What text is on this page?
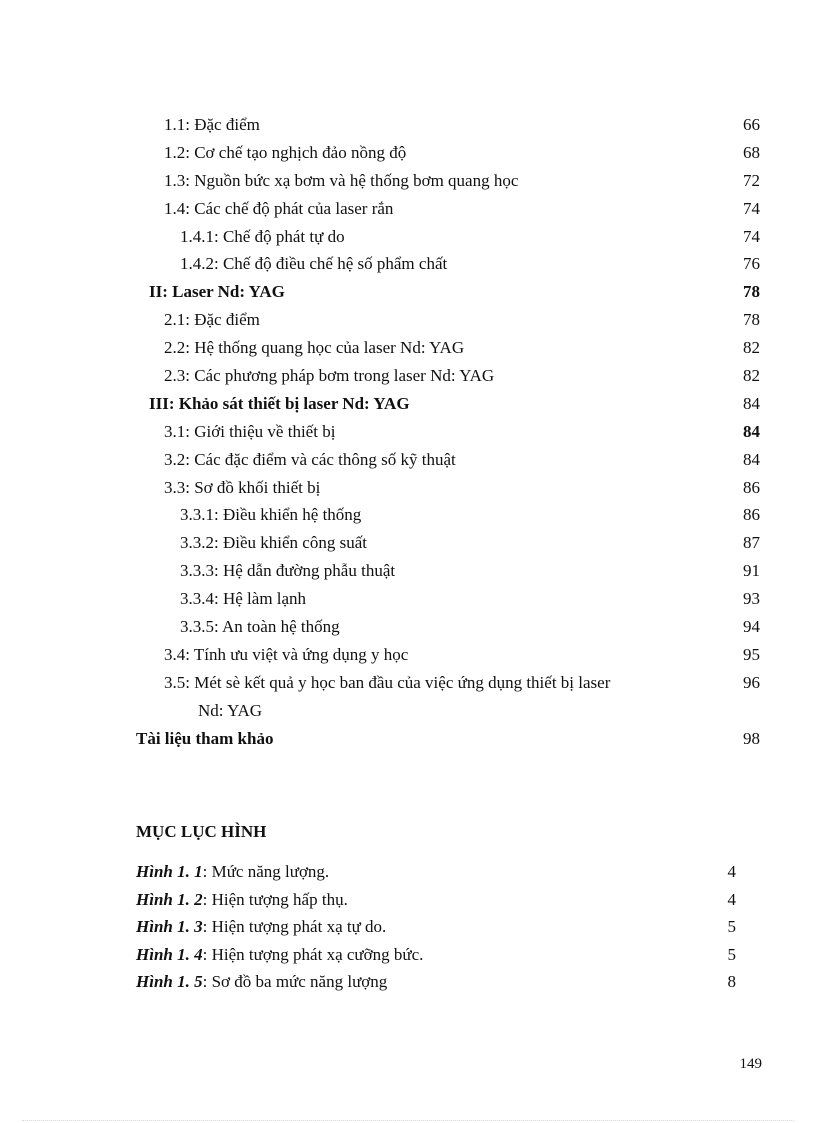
1.1: Đặc điểm	66
1.2: Cơ chế tạo nghịch đảo nồng độ	68
1.3: Nguồn bức xạ bơm và hệ thống bơm quang học	72
1.4: Các chế độ phát của laser rắn	74
1.4.1: Chế độ phát tự do	74
1.4.2: Chế độ điều chế hệ số phẩm chất	76
II: Laser Nd: YAG	78
2.1: Đặc điểm	78
2.2: Hệ thống quang học của laser Nd: YAG	82
2.3: Các phương pháp bơm trong laser Nd: YAG	82
III: Khảo sát thiết bị laser Nd: YAG	84
3.1: Giới thiệu về thiết bị	84
3.2: Các đặc điểm và các thông số kỹ thuật	84
3.3: Sơ đồ khối thiết bị	86
3.3.1: Điều khiển hệ thống	86
3.3.2: Điều khiển công suất	87
3.3.3: Hệ dẫn đường phẫu thuật	91
3.3.4: Hệ làm lạnh	93
3.3.5: An toàn hệ thống	94
3.4: Tính ưu việt và ứng dụng y học	95
3.5: Mét sè kết quả y học ban đầu của việc ứng dụng thiết bị laser	96
Nd: YAG
Tài liệu tham khảo	98
MỤC LỤC HÌNH
Hình 1. 1: Mức năng lượng.	4
Hình 1. 2: Hiện tượng hấp thụ.	4
Hình 1. 3: Hiện tượng phát xạ tự do.	5
Hình 1. 4: Hiện tượng phát xạ cưỡng bức.	5
Hình 1. 5: Sơ đồ ba mức năng lượng	8
149
